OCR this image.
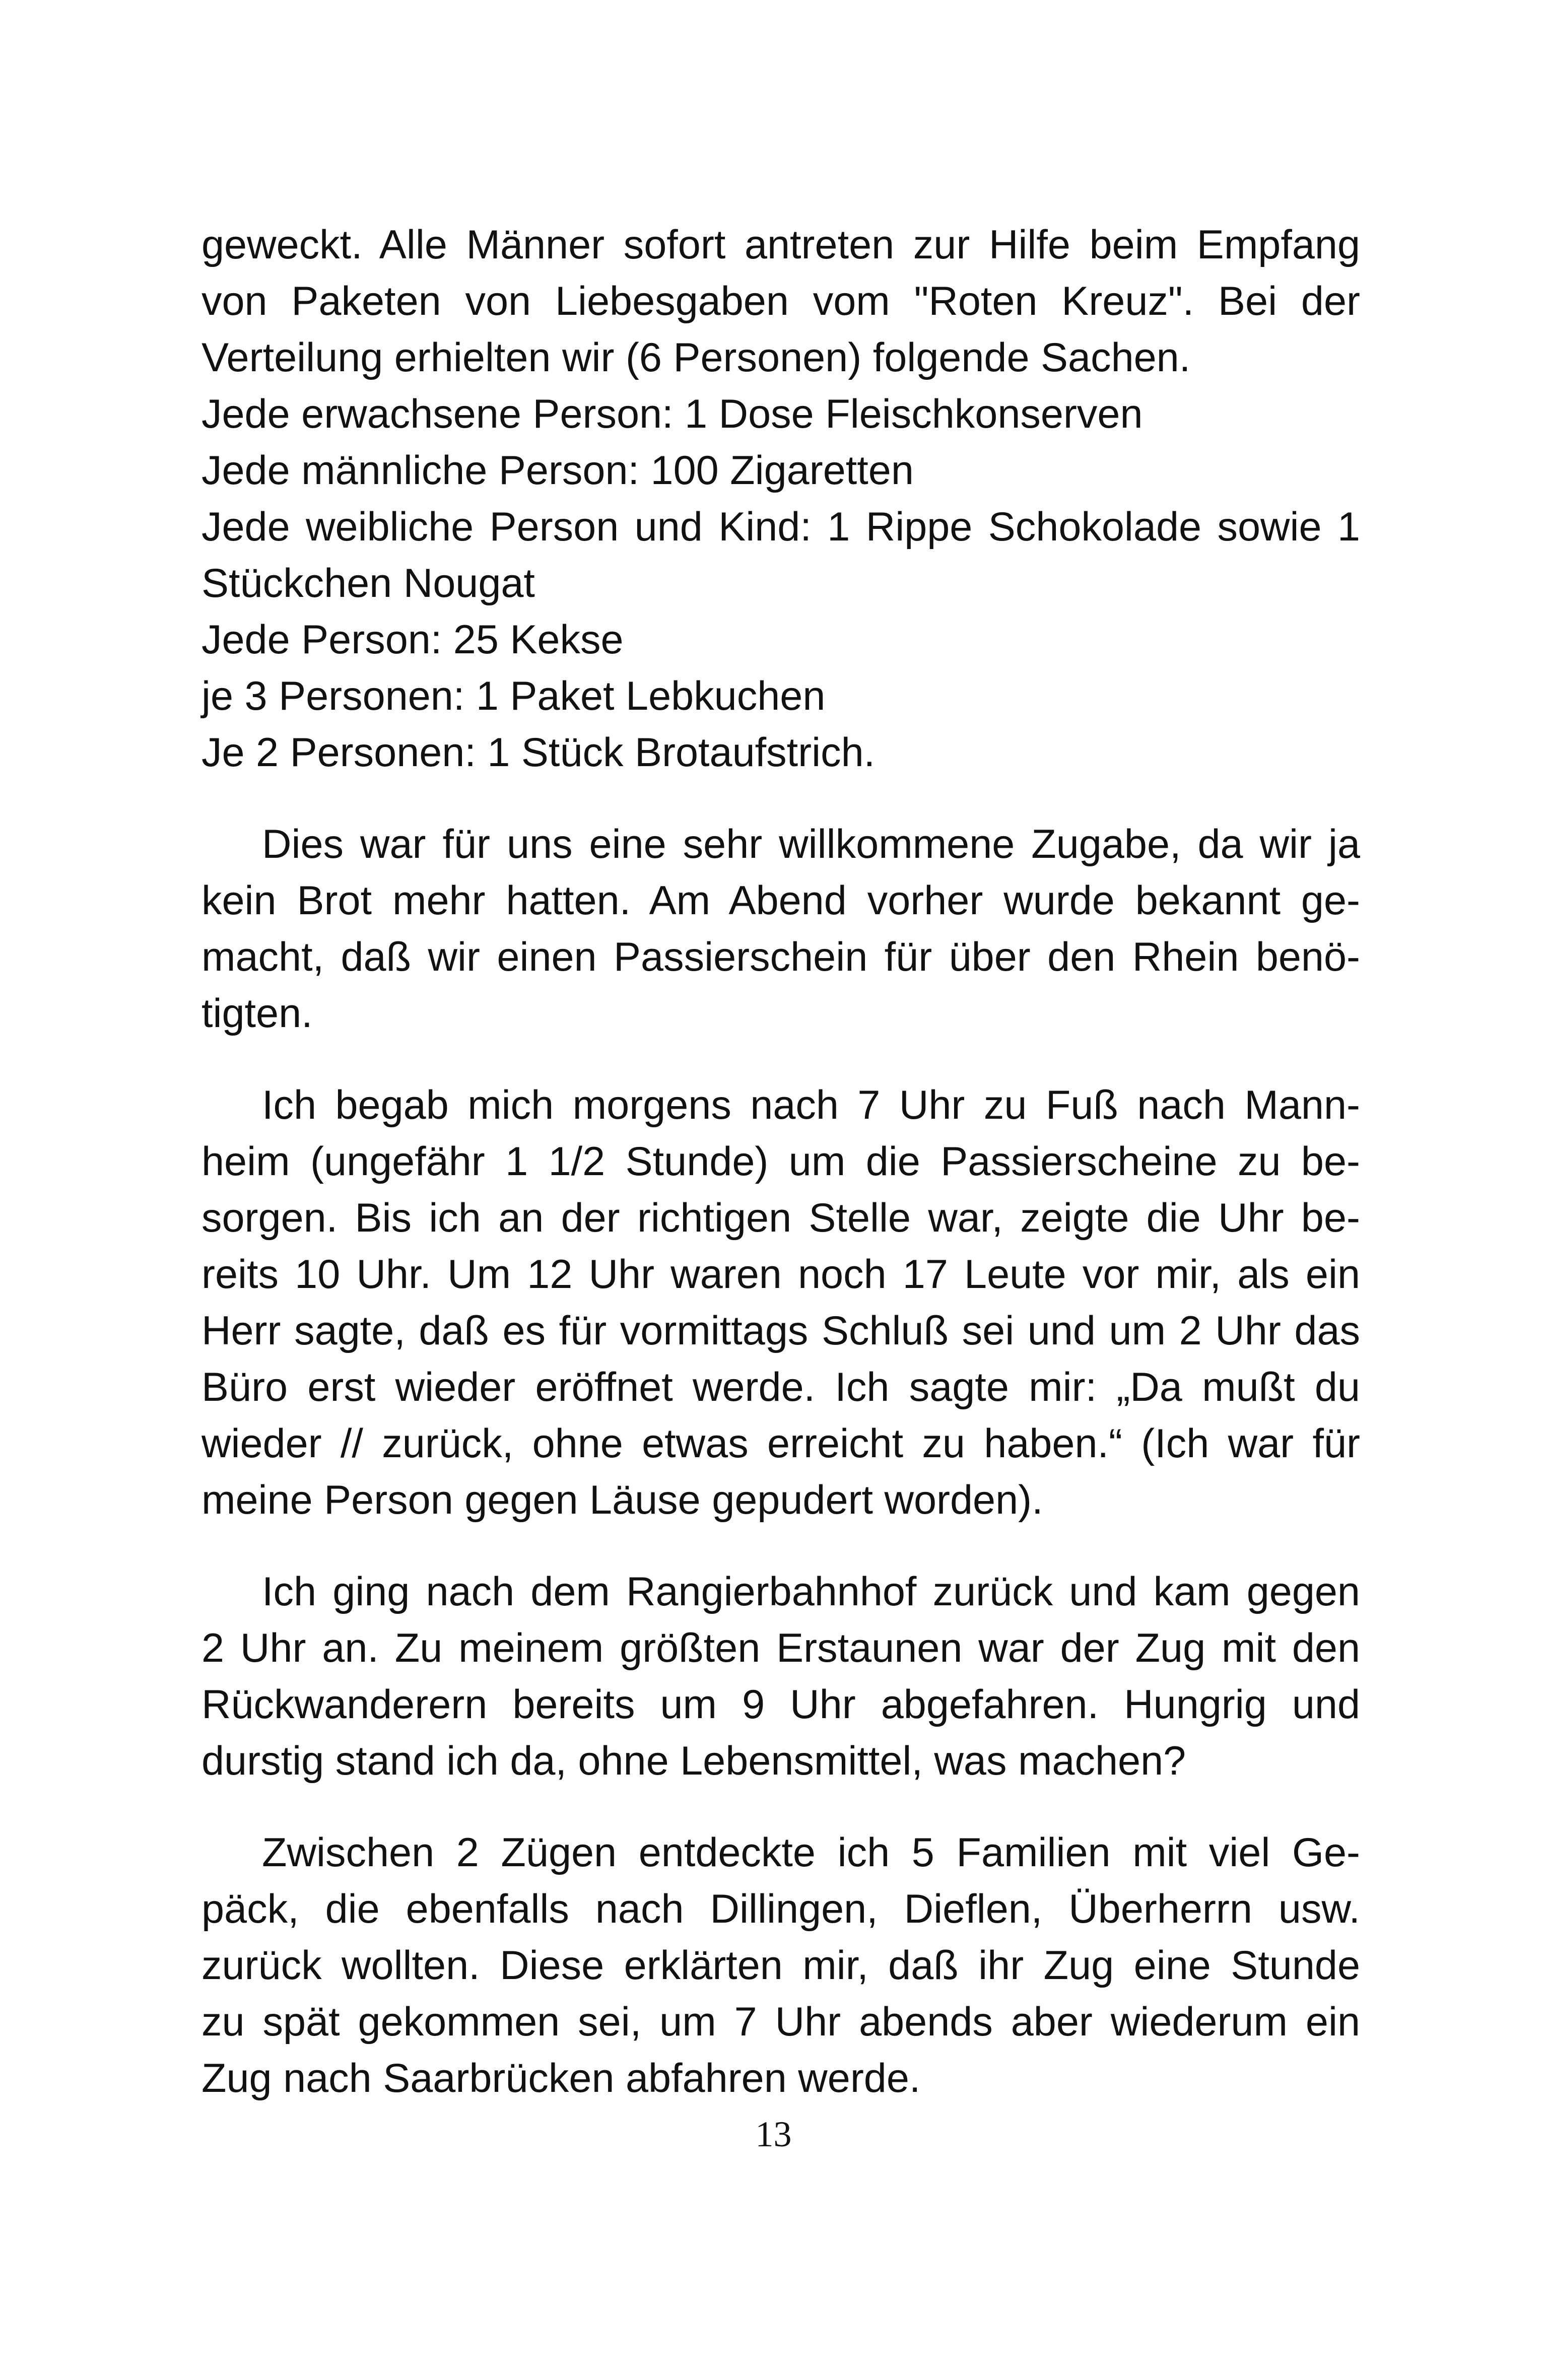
geweckt. Alle Männer sofort antreten zur Hilfe beim Empfang
von Paketen von Liebesgaben vom "Roten Kreuz". Bei der
Verteilung erhielten wir (6 Personen) folgende Sachen.
Jede erwachsene Person: 1 Dose Fleischkonserven
Jede männliche Person: 100 Zigaretten
Jede weibliche Person und Kind: 1 Rippe Schokolade sowie 1
Stückchen Nougat
Jede Person: 25 Kekse
je 3 Personen: 1 Paket Lebkuchen
Je 2 Personen: 1 Stück Brotaufstrich.
Dies war für uns eine sehr willkommene Zugabe, da wir ja
kein Brot mehr hatten. Am Abend vorher wurde bekannt ge-
macht, daß wir einen Passierschein für über den Rhein benö-
tigten.
Ich begab mich morgens nach 7 Uhr zu Fuß nach Mann-
heim (ungefähr 1 1/2 Stunde) um die Passierscheine zu be-
sorgen. Bis ich an der richtigen Stelle war, zeigte die Uhr be-
reits 10 Uhr. Um 12 Uhr waren noch 17 Leute vor mir, als ein
Herr sagte, daß es für vormittags Schluß sei und um 2 Uhr das
Büro erst wieder eröffnet werde. Ich sagte mir: „Da mußt du
wieder // zurück, ohne etwas erreicht zu haben.“ (Ich war für
meine Person gegen Läuse gepudert worden).
Ich ging nach dem Rangierbahnhof zurück und kam gegen
2 Uhr an. Zu meinem größten Erstaunen war der Zug mit den
Rückwanderern bereits um 9 Uhr abgefahren. Hungrig und
durstig stand ich da, ohne Lebensmittel, was machen?
Zwischen 2 Zügen entdeckte ich 5 Familien mit viel Ge-
päck, die ebenfalls nach Dillingen, Dieflen, Überherrn usw.
zurück wollten. Diese erklärten mir, daß ihr Zug eine Stunde
zu spät gekommen sei, um 7 Uhr abends aber wiederum ein
Zug nach Saarbrücken abfahren werde.
13
